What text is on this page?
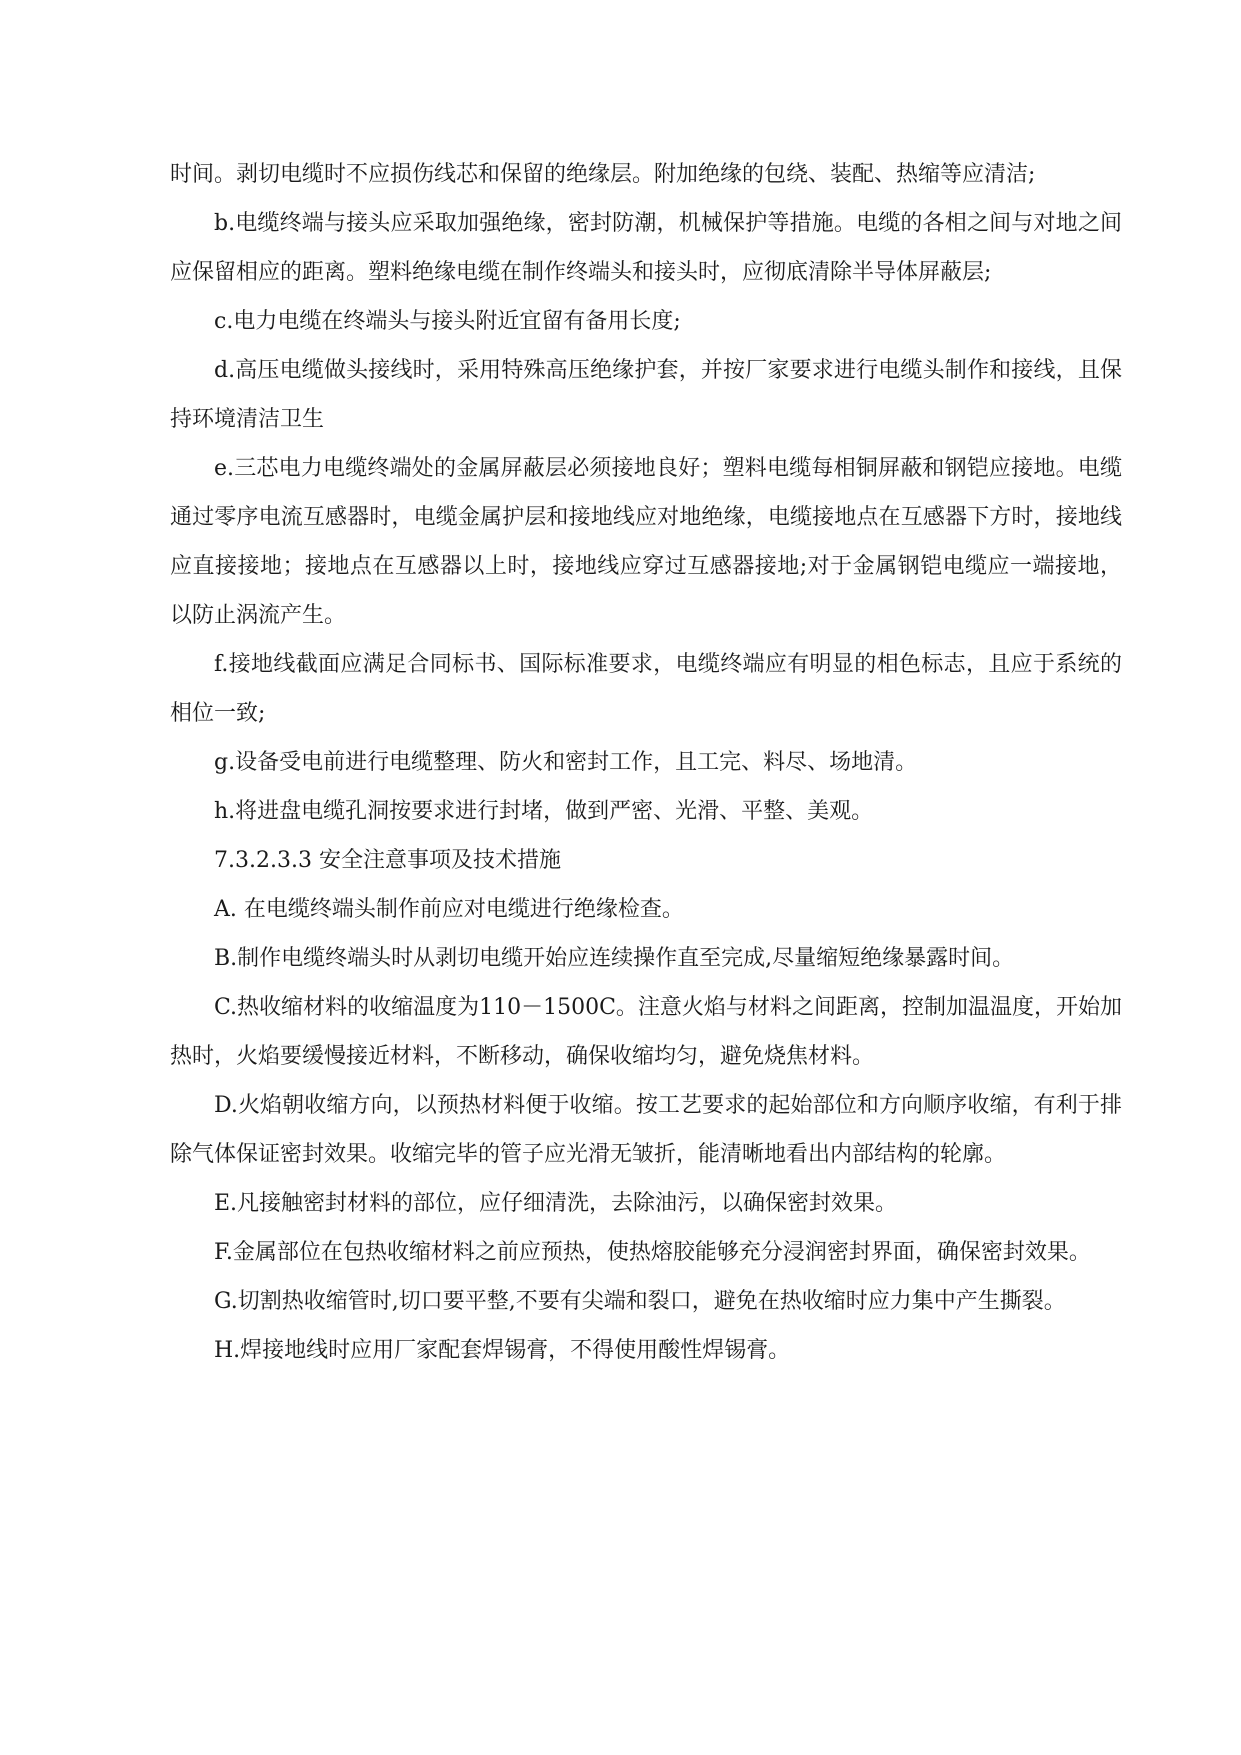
时间。剥切电缆时不应损伤线芯和保留的绝缘层。附加绝缘的包绕、装配、热缩等应清洁;

b.电缆终端与接头应采取加强绝缘，密封防潮，机械保护等措施。电缆的各相之间与对地之间应保留相应的距离。塑料绝缘电缆在制作终端头和接头时，应彻底清除半导体屏蔽层;

c.电力电缆在终端头与接头附近宜留有备用长度;

d.高压电缆做头接线时，采用特殊高压绝缘护套，并按厂家要求进行电缆头制作和接线，且保持环境清洁卫生

e.三芯电力电缆终端处的金属屏蔽层必须接地良好；塑料电缆每相铜屏蔽和钢铠应接地。电缆通过零序电流互感器时，电缆金属护层和接地线应对地绝缘，电缆接地点在互感器下方时，接地线应直接接地；接地点在互感器以上时，接地线应穿过互感器接地;对于金属钢铠电缆应一端接地，以防止涡流产生。

f.接地线截面应满足合同标书、国际标准要求，电缆终端应有明显的相色标志，且应于系统的相位一致;

g.设备受电前进行电缆整理、防火和密封工作，且工完、料尽、场地清。

h.将进盘电缆孔洞按要求进行封堵，做到严密、光滑、平整、美观。

7.3.2.3.3 安全注意事项及技术措施

A. 在电缆终端头制作前应对电缆进行绝缘检查。

B.制作电缆终端头时从剥切电缆开始应连续操作直至完成,尽量缩短绝缘暴露时间。

C.热收缩材料的收缩温度为110－1500C。注意火焰与材料之间距离，控制加温温度，开始加热时，火焰要缓慢接近材料，不断移动，确保收缩均匀，避免烧焦材料。

D.火焰朝收缩方向，以预热材料便于收缩。按工艺要求的起始部位和方向顺序收缩，有利于排除气体保证密封效果。收缩完毕的管子应光滑无皱折，能清晰地看出内部结构的轮廓。

E.凡接触密封材料的部位，应仔细清洗，去除油污，以确保密封效果。

F.金属部位在包热收缩材料之前应预热，使热熔胶能够充分浸润密封界面，确保密封效果。

G.切割热收缩管时,切口要平整,不要有尖端和裂口，避免在热收缩时应力集中产生撕裂。

H.焊接地线时应用厂家配套焊锡膏，不得使用酸性焊锡膏。
